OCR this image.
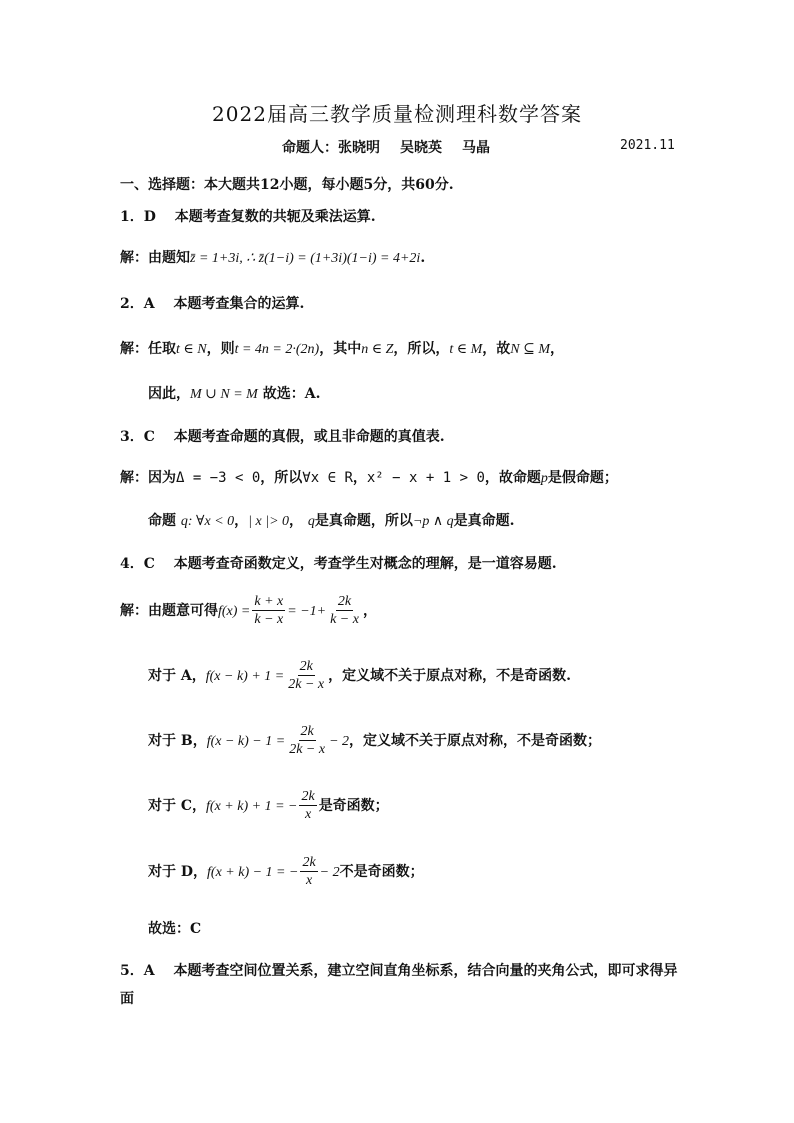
2022届高三教学质量检测理科数学答案
命题人：张晓明 吴晓英 马晶	2021.11
一、选择题：本大题共12小题，每小题5分，共60分.
1．D　 本题考查复数的共轭及乘法运算.
解：由题知z̄ = 1+3i, ∴ z̄(1−i) = (1+3i)(1−i) = 4+2i.
2．A　 本题考查集合的运算.
解：任取t ∈ N，则t = 4n = 2·(2n)，其中n ∈ Z，所以，t ∈ M，故N ⊆ M，
因此，M ∪ N = M 故选：A.
3．C　 本题考查命题的真假，或且非命题的真值表.
解：因为Δ = −3 < 0，所以∀x ∈ R，x² − x + 1 > 0，故命题p是假命题；
命题 q: ∀x < 0，| x |> 0， q是真命题，所以¬p ∧ q是真命题.
4．C　 本题考查奇函数定义，考查学生对概念的理解，是一道容易题.
解：由题意可得$f(x) = \frac{k + x}{k - x} = -1+ \frac{2k}{k - x}$ ，
对于 A，$f(x - k) + 1 = \frac{2k}{2k - x}$ ，定义域不关于原点对称，不是奇函数.
对于 B，$f(x - k) - 1 = \frac{2k}{2k - x} - 2$，定义域不关于原点对称，不是奇函数；
对于 C，f(x + k) + 1 = − $\frac{2k}{x}$ 是奇函数；
对于 D，f(x + k) − 1 = − $\frac{2k}{x} - 2$不是奇函数；
故选：C
5．A　 本题考查空间位置关系，建立空间直角坐标系，结合向量的夹角公式，即可求得异
面
